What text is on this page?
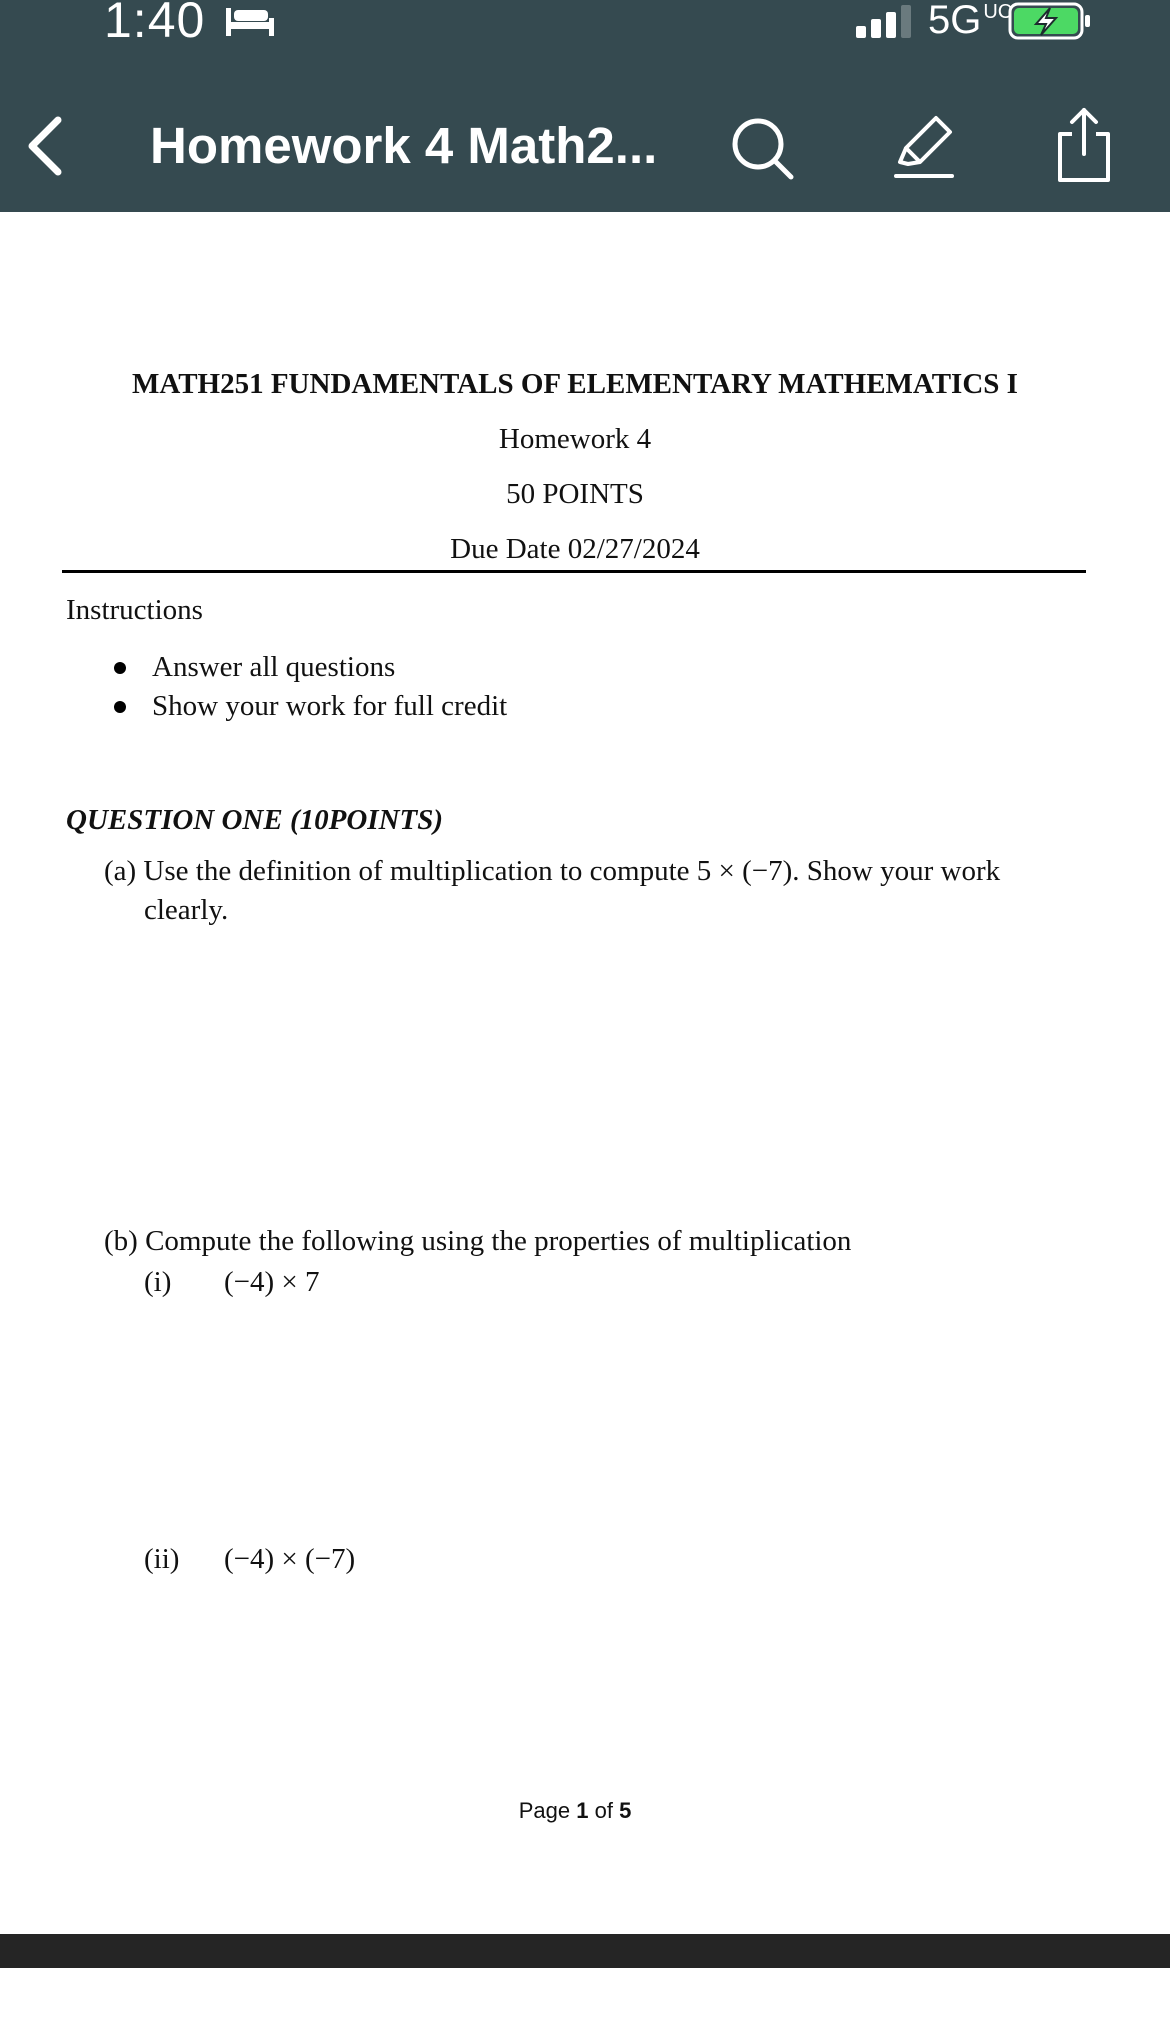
1:40	5G UC
Homework 4 Math2...
MATH251 FUNDAMENTALS OF ELEMENTARY MATHEMATICS I
Homework 4
50 POINTS
Due Date 02/27/2024
Instructions
Answer all questions
Show your work for full credit
QUESTION ONE (10POINTS)
(a) Use the definition of multiplication to compute 5 × (−7). Show your work
clearly.
(b) Compute the following using the properties of multiplication
(i) (−4) × 7
(ii) (−4) × (−7)
Page 1 of 5
